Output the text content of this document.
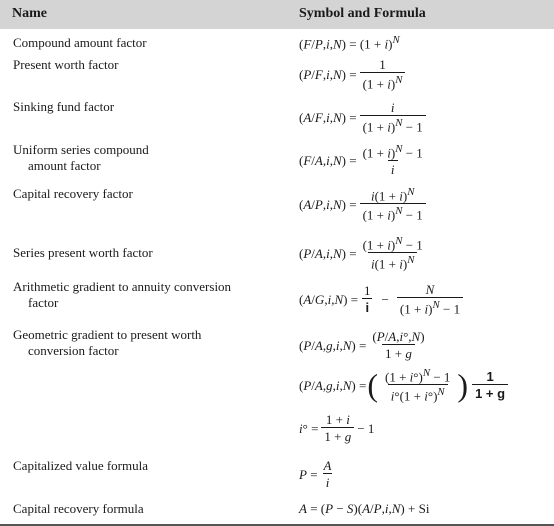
Name	Symbol and Formula
Compound amount factor
Present worth factor
Sinking fund factor
Uniform series compound
amount factor
Capital recovery factor
Series present worth factor
Arithmetic gradient to annuity conversion
factor
Geometric gradient to present worth
conversion factor
Capitalized value formula
Capital recovery formula
$(F/P,i,N) = (1 + i)^N$
$(P/F,i,N) = \frac{1}{(1 + i)^N}$
$(A/F,i,N) = \frac{i}{(1 + i)^N - 1}$
$(F/A,i,N) = \frac{(1 + i)^N - 1}{i}$
$(A/P,i,N) = \frac{i(1 + i)^N}{(1 + i)^N - 1}$
$(P/A,i,N) = \frac{(1 + i)^N - 1}{i(1 + i)^N}$
$(A/G,i,N) = \frac{1}{i} - \frac{N}{(1 + i)^N - 1}$
$(P/A,g,i,N) = \frac{(P/A,i^\circ,N)}{1 + g}$
(P/A,g,i,N) = ( $\frac{(1 + i^\circ)^N - 1}{i^\circ(1 + i^\circ)^N}$ ) $\frac{1}{1 + g}$
$i^\circ = \frac{1 + i}{1 + g} - 1$
$P = \frac{A}{i}$
A = (P − S)(A/P,i,N) + Si
